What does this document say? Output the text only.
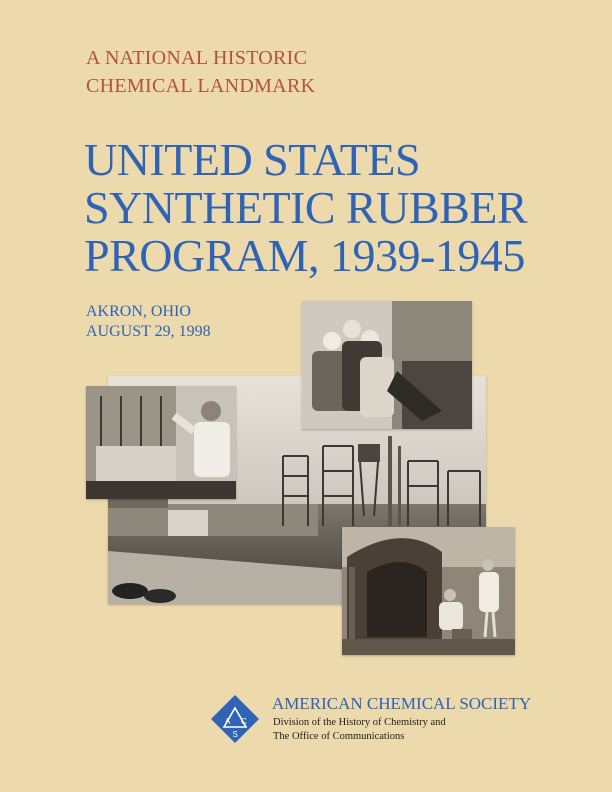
A NATIONAL HISTORIC
CHEMICAL LANDMARK
UNITED STATES
SYNTHETIC RUBBER
PROGRAM, 1939-1945
AKRON, OHIO
AUGUST 29, 1998
A C
S
AMERICAN CHEMICAL SOCIETY
Division of the History of Chemistry and
The Office of Communications
